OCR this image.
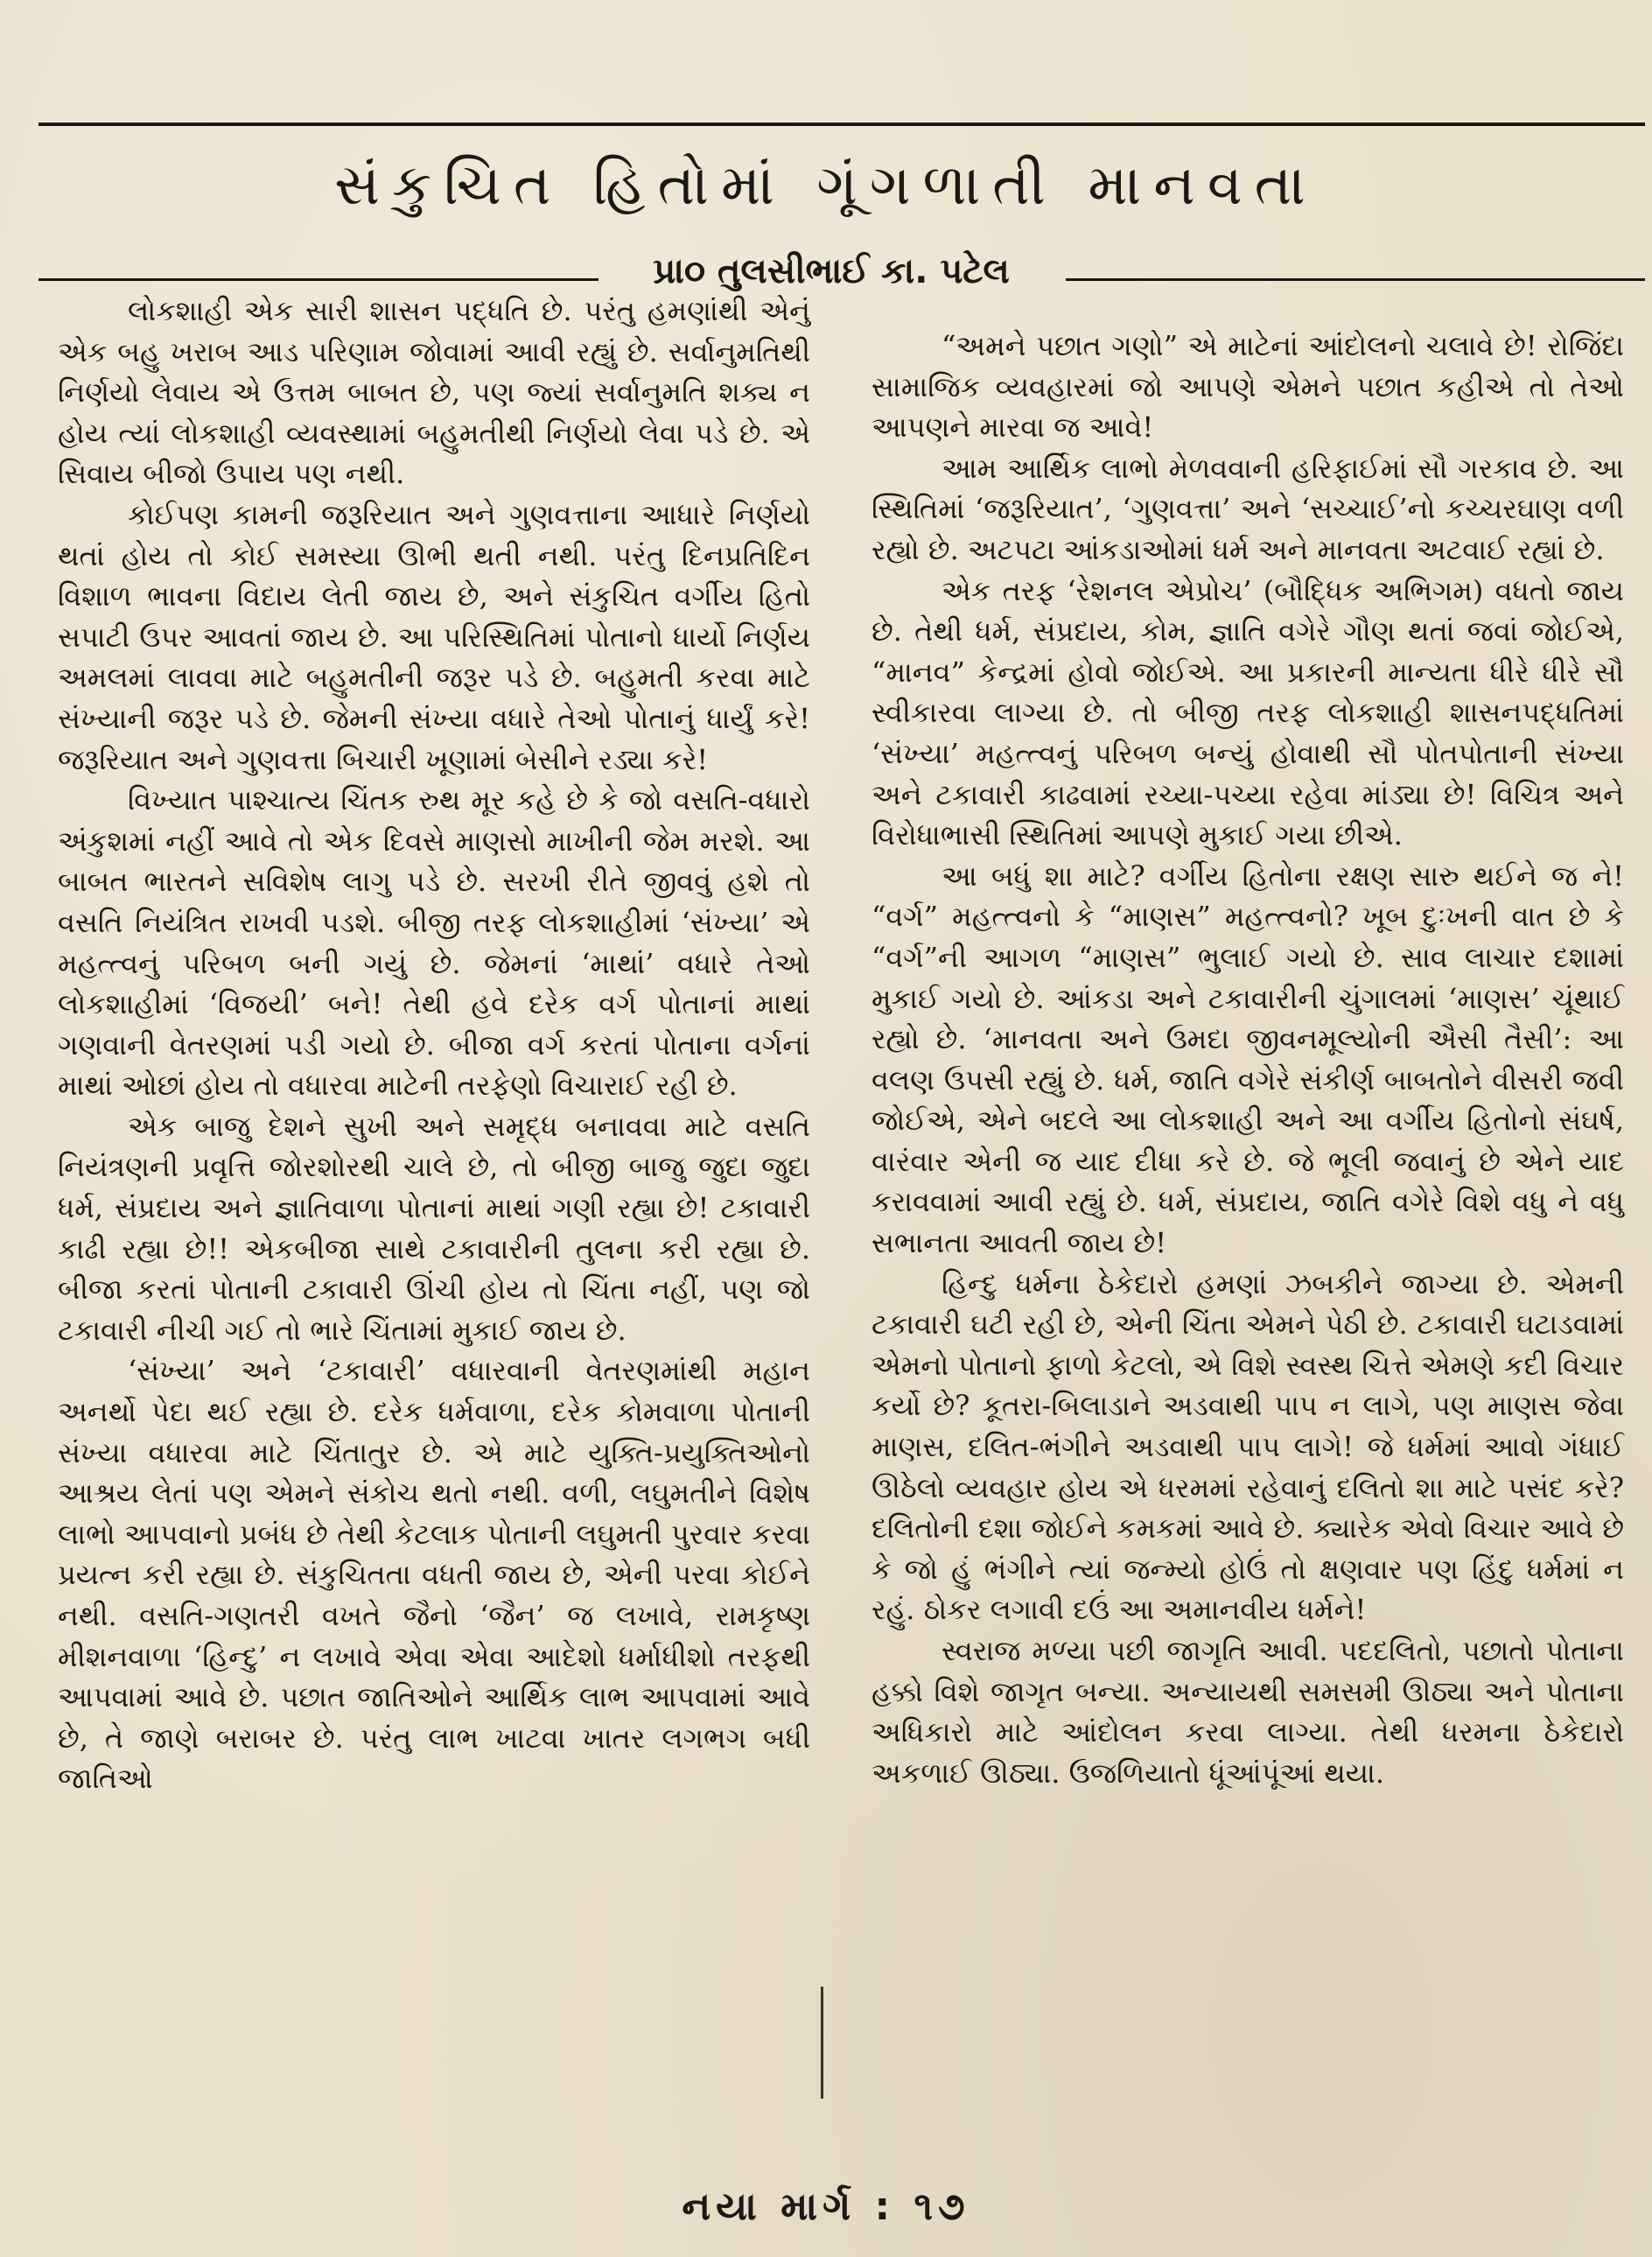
સંકુચિત હિતોમાં ગૂંગળાતી માનવતા
પ્રા૦ તુલસીભાઈ કા. પટેલ

લોકશાહી એક સારી શાસન પદ્ધતિ છે. પરંતુ હમણાંથી એનું એક બહુ ખરાબ આડ પરિણામ જોવામાં આવી રહ્યું છે. સર્વાનુમતિથી નિર્ણયો લેવાય એ ઉત્તમ બાબત છે, પણ જ્યાં સર્વાનુમતિ શક્ય ન હોય ત્યાં લોકશાહી વ્યવસ્થામાં બહુમતીથી નિર્ણયો લેવા પડે છે. એ સિવાય બીજો ઉપાય પણ નથી.

કોઈપણ કામની જરૂરિયાત અને ગુણવત્તાના આધારે નિર્ણયો થતાં હોય તો કોઈ સમસ્યા ઊભી થતી નથી. પરંતુ દિનપ્રતિદિન વિશાળ ભાવના વિદાય લેતી જાય છે, અને સંકુચિત વર્ગીય હિતો સપાટી ઉપર આવતાં જાય છે. આ પરિસ્થિતિમાં પોતાનો ધાર્યો નિર્ણય અમલમાં લાવવા માટે બહુમતીની જરૂર પડે છે. બહુમતી કરવા માટે સંખ્યાની જરૂર પડે છે. જેમની સંખ્યા વધારે તેઓ પોતાનું ધાર્યું કરે! જરૂરિયાત અને ગુણવત્તા બિચારી ખૂણામાં બેસીને રડ્યા કરે!

વિખ્યાત પાશ્ચાત્ય ચિંતક રુથ મૂર કહે છે કે જો વસતિ-વધારો અંકુશમાં નહીં આવે તો એક દિવસે માણસો માખીની જેમ મરશે. આ બાબત ભારતને સવિશેષ લાગુ પડે છે. સરખી રીતે જીવવું હશે તો વસતિ નિયંત્રિત રાખવી પડશે. બીજી તરફ લોકશાહીમાં ‘સંખ્યા’ એ મહત્ત્વનું પરિબળ બની ગયું છે. જેમનાં ‘માથાં’ વધારે તેઓ લોકશાહીમાં ‘વિજયી’ બને! તેથી હવે દરેક વર્ગ પોતાનાં માથાં ગણવાની વેતરણમાં પડી ગયો છે. બીજા વર્ગ કરતાં પોતાના વર્ગનાં માથાં ઓછાં હોય તો વધારવા માટેની તરફેણો વિચારાઈ રહી છે.

એક બાજુ દેશને સુખી અને સમૃદ્ધ બનાવવા માટે વસતિ નિયંત્રણની પ્રવૃત્તિ જોરશોરથી ચાલે છે, તો બીજી બાજુ જુદા જુદા ધર્મ, સંપ્રદાય અને જ્ઞાતિવાળા પોતાનાં માથાં ગણી રહ્યા છે! ટકાવારી કાઢી રહ્યા છે!! એકબીજા સાથે ટકાવારીની તુલના કરી રહ્યા છે. બીજા કરતાં પોતાની ટકાવારી ઊંચી હોય તો ચિંતા નહીં, પણ જો ટકાવારી નીચી ગઈ તો ભારે ચિંતામાં મુકાઈ જાય છે.

‘સંખ્યા’ અને ‘ટકાવારી’ વધારવાની વેતરણમાંથી મહાન અનર્થો પેદા થઈ રહ્યા છે. દરેક ધર્મવાળા, દરેક કોમવાળા પોતાની સંખ્યા વધારવા માટે ચિંતાતુર છે. એ માટે યુક્તિ-પ્રયુક્તિઓનો આશ્રય લેતાં પણ એમને સંકોચ થતો નથી. વળી, લઘુમતીને વિશેષ લાભો આપવાનો પ્રબંધ છે તેથી કેટલાક પોતાની લઘુમતી પુરવાર કરવા પ્રયત્ન કરી રહ્યા છે. સંકુચિતતા વધતી જાય છે, એની પરવા કોઈને નથી. વસતિ-ગણતરી વખતે જૈનો ‘જૈન’ જ લખાવે, રામકૃષ્ણ મીશનવાળા ‘હિન્દુ’ ન લખાવે એવા એવા આદેશો ધર્માધીશો તરફથી આપવામાં આવે છે. પછાત જાતિઓને આર્થિક લાભ આપવામાં આવે છે, તે જાણે બરાબર છે. પરંતુ લાભ ખાટવા ખાતર લગભગ બધી જાતિઓ

“અમને પછાત ગણો” એ માટેનાં આંદોલનો ચલાવે છે! રોજિંદા સામાજિક વ્યવહારમાં જો આપણે એમને પછાત કહીએ તો તેઓ આપણને મારવા જ આવે!

આમ આર્થિક લાભો મેળવવાની હરિફાઈમાં સૌ ગરકાવ છે. આ સ્થિતિમાં ‘જરૂરિયાત’, ‘ગુણવત્તા’ અને ‘સચ્ચાઈ’નો કચ્ચરઘાણ વળી રહ્યો છે. અટપટા આંકડાઓમાં ધર્મ અને માનવતા અટવાઈ રહ્યાં છે.

એક તરફ ‘રેશનલ એપ્રોચ’ (બૌદ્ધિક અભિગમ) વધતો જાય છે. તેથી ધર્મ, સંપ્રદાય, કોમ, જ્ઞાતિ વગેરે ગૌણ થતાં જવાં જોઈએ, “માનવ” કેન્દ્રમાં હોવો જોઈએ. આ પ્રકારની માન્યતા ધીરે ધીરે સૌ સ્વીકારવા લાગ્યા છે. તો બીજી તરફ લોકશાહી શાસનપદ્ધતિમાં ‘સંખ્યા’ મહત્ત્વનું પરિબળ બન્યું હોવાથી સૌ પોતપોતાની સંખ્યા અને ટકાવારી કાઢવામાં રચ્યા-પચ્યા રહેવા માંડ્યા છે! વિચિત્ર અને વિરોધાભાસી સ્થિતિમાં આપણે મુકાઈ ગયા છીએ.

આ બધું શા માટે? વર્ગીય હિતોના રક્ષણ સારુ થઈને જ ને! “વર્ગ” મહત્ત્વનો કે “માણસ” મહત્ત્વનો? ખૂબ દુઃખની વાત છે કે “વર્ગ”ની આગળ “માણસ” ભુલાઈ ગયો છે. સાવ લાચાર દશામાં મુકાઈ ગયો છે. આંકડા અને ટકાવારીની ચુંગાલમાં ‘માણસ’ ચૂંથાઈ રહ્યો છે. ‘માનવતા અને ઉમદા જીવનમૂલ્યોની ઐસી તૈસી’: આ વલણ ઉપસી રહ્યું છે. ધર્મ, જાતિ વગેરે સંકીર્ણ બાબતોને વીસરી જવી જોઈએ, એને બદલે આ લોકશાહી અને આ વર્ગીય હિતોનો સંઘર્ષ, વારંવાર એની જ યાદ દીધા કરે છે. જે ભૂલી જવાનું છે એને યાદ કરાવવામાં આવી રહ્યું છે. ધર્મ, સંપ્રદાય, જાતિ વગેરે વિશે વધુ ને વધુ સભાનતા આવતી જાય છે!

હિન્દુ ધર્મના ઠેકેદારો હમણાં ઝબકીને જાગ્યા છે. એમની ટકાવારી ઘટી રહી છે, એની ચિંતા એમને પેઠી છે. ટકાવારી ઘટાડવામાં એમનો પોતાનો ફાળો કેટલો, એ વિશે સ્વસ્થ ચિત્તે એમણે કદી વિચાર કર્યો છે? કૂતરા-બિલાડાને અડવાથી પાપ ન લાગે, પણ માણસ જેવા માણસ, દલિત-ભંગીને અડવાથી પાપ લાગે! જે ધર્મમાં આવો ગંધાઈ ઊઠેલો વ્યવહાર હોય એ ધરમમાં રહેવાનું દલિતો શા માટે પસંદ કરે? દલિતોની દશા જોઈને કમકમાં આવે છે. ક્યારેક એવો વિચાર આવે છે કે જો હું ભંગીને ત્યાં જન્મ્યો હોઉં તો ક્ષણવાર પણ હિંદુ ધર્મમાં ન રહું. ઠોકર લગાવી દઉં આ અમાનવીય ધર્મને!

સ્વરાજ મળ્યા પછી જાગૃતિ આવી. પદદલિતો, પછાતો પોતાના હક્કો વિશે જાગૃત બન્યા. અન્યાયથી સમસમી ઊઠ્યા અને પોતાના અધિકારો માટે આંદોલન કરવા લાગ્યા. તેથી ધરમના ઠેકેદારો અકળાઈ ઊઠ્યા. ઉજળિયાતો ધૂંઆંપૂંઆં થયા.

નયા માર્ગ : ૧૭
